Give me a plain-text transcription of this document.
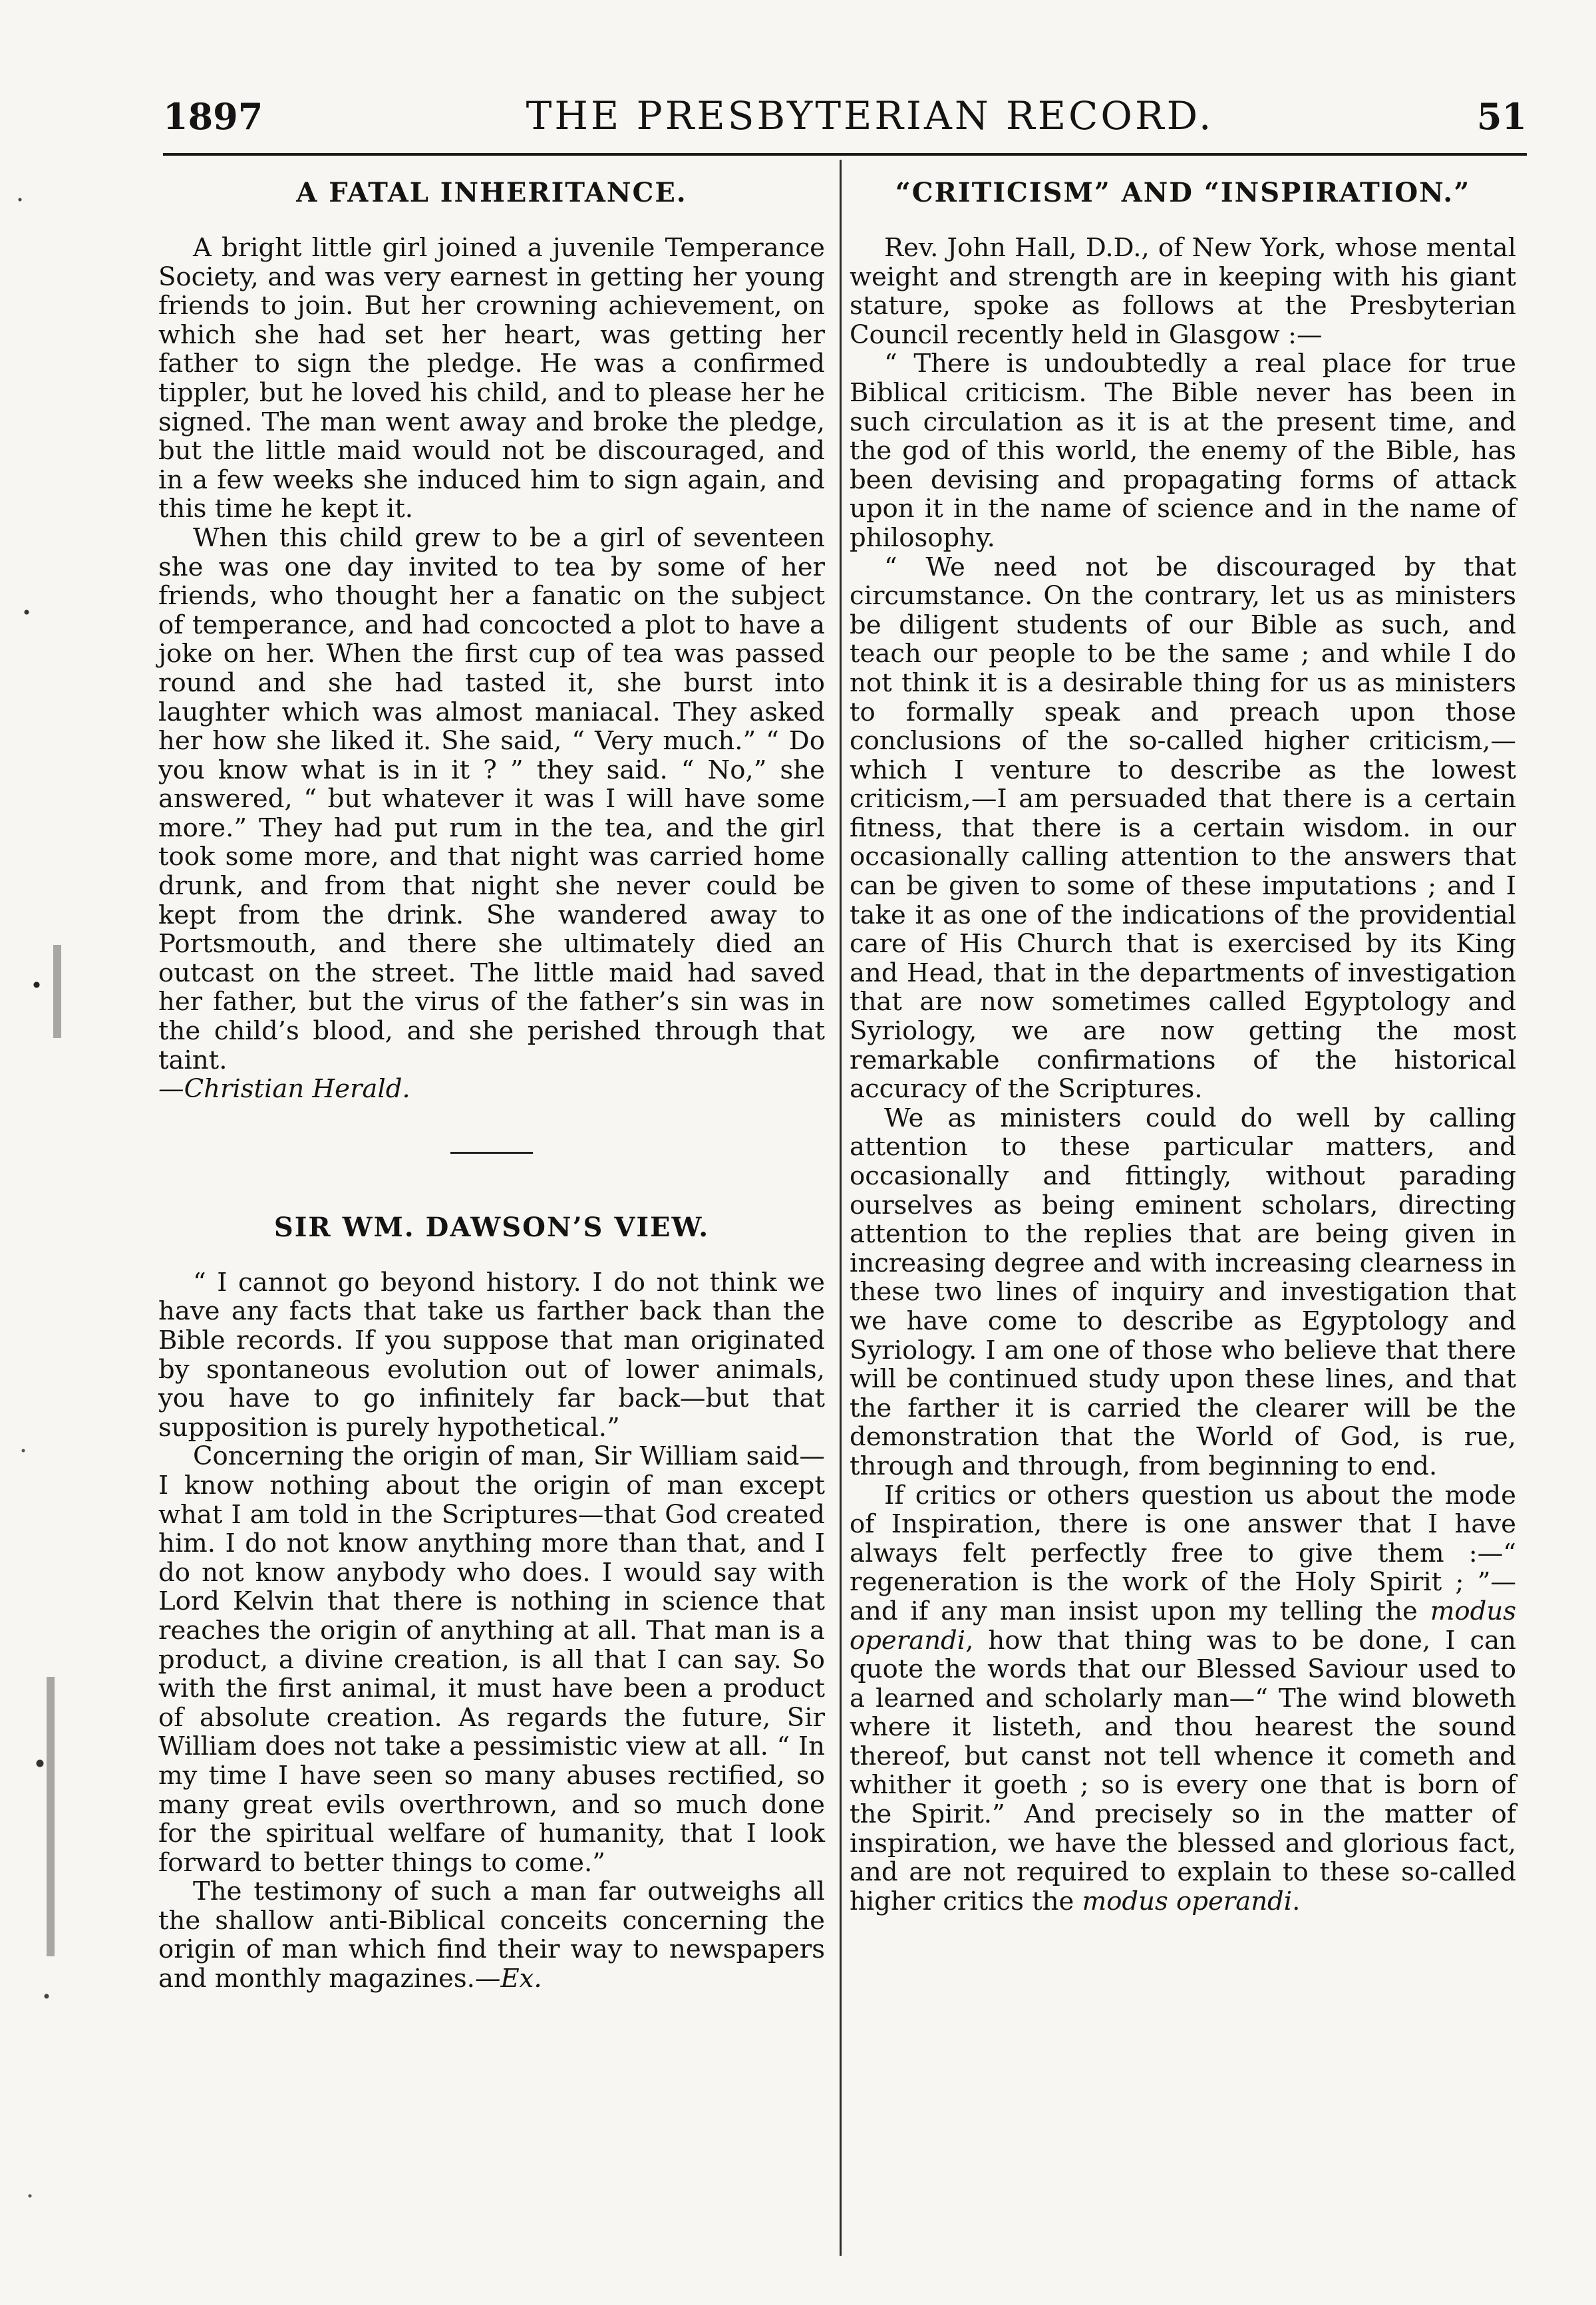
1897	THE PRESBYTERIAN RECORD.	51
A FATAL INHERITANCE.

A bright little girl joined a juvenile Temperance Society, and was very earnest in getting her young friends to join. But her crowning achievement, on which she had set her heart, was getting her father to sign the pledge. He was a confirmed tippler, but he loved his child, and to please her he signed. The man went away and broke the pledge, but the little maid would not be discouraged, and in a few weeks she induced him to sign again, and this time he kept it.

When this child grew to be a girl of seventeen she was one day invited to tea by some of her friends, who thought her a fanatic on the subject of temperance, and had concocted a plot to have a joke on her. When the first cup of tea was passed round and she had tasted it, she burst into laughter which was almost maniacal. They asked her how she liked it. She said, “ Very much.” “ Do you know what is in it ? ” they said. “ No,” she answered, “ but whatever it was I will have some more.” They had put rum in the tea, and the girl took some more, and that night was carried home drunk, and from that night she never could be kept from the drink. She wandered away to Portsmouth, and there she ultimately died an outcast on the street. The little maid had saved her father, but the virus of the father’s sin was in the child’s blood, and she perished through that taint.

—Christian Herald.

SIR WM. DAWSON’S VIEW.

“ I cannot go beyond history. I do not think we have any facts that take us farther back than the Bible records. If you suppose that man originated by spontaneous evolution out of lower animals, you have to go infinitely far back—but that supposition is purely hypothetical.”

Concerning the origin of man, Sir William said—I know nothing about the origin of man except what I am told in the Scriptures—that God created him. I do not know anything more than that, and I do not know anybody who does. I would say with Lord Kelvin that there is nothing in science that reaches the origin of anything at all. That man is a product, a divine creation, is all that I can say. So with the first animal, it must have been a product of absolute creation. As regards the future, Sir William does not take a pessimistic view at all. “ In my time I have seen so many abuses rectified, so many great evils overthrown, and so much done for the spiritual welfare of humanity, that I look forward to better things to come.”

The testimony of such a man far outweighs all the shallow anti-Biblical conceits concerning the origin of man which find their way to newspapers and monthly magazines.—Ex.

“CRITICISM” AND “INSPIRATION.”

Rev. John Hall, D.D., of New York, whose mental weight and strength are in keeping with his giant stature, spoke as follows at the Presbyterian Council recently held in Glasgow :—

“ There is undoubtedly a real place for true Biblical criticism. The Bible never has been in such circulation as it is at the present time, and the god of this world, the enemy of the Bible, has been devising and propagating forms of attack upon it in the name of science and in the name of philosophy.

“ We need not be discouraged by that circumstance. On the contrary, let us as ministers be diligent students of our Bible as such, and teach our people to be the same ; and while I do not think it is a desirable thing for us as ministers to formally speak and preach upon those conclusions of the so-called higher criticism,—which I venture to describe as the lowest criticism,—I am persuaded that there is a certain fitness, that there is a certain wisdom. in our occasionally calling attention to the answers that can be given to some of these imputations ; and I take it as one of the indications of the providential care of His Church that is exercised by its King and Head, that in the departments of investigation that are now sometimes called Egyptology and Syriology, we are now getting the most remarkable confirmations of the historical accuracy of the Scriptures.

We as ministers could do well by calling attention to these particular matters, and occasionally and fittingly, without parading ourselves as being eminent scholars, directing attention to the replies that are being given in increasing degree and with increasing clearness in these two lines of inquiry and investigation that we have come to describe as Egyptology and Syriology. I am one of those who believe that there will be continued study upon these lines, and that the farther it is carried the clearer will be the demonstration that the World of God, is rue, through and through, from beginning to end.

If critics or others question us about the mode of Inspiration, there is one answer that I have always felt perfectly free to give them :—“ regeneration is the work of the Holy Spirit ; ”—and if any man insist upon my telling the modus operandi, how that thing was to be done, I can quote the words that our Blessed Saviour used to a learned and scholarly man—“ The wind bloweth where it listeth, and thou hearest the sound thereof, but canst not tell whence it cometh and whither it goeth ; so is every one that is born of the Spirit.” And precisely so in the matter of inspiration, we have the blessed and glorious fact, and are not required to explain to these so-called higher critics the modus operandi.
